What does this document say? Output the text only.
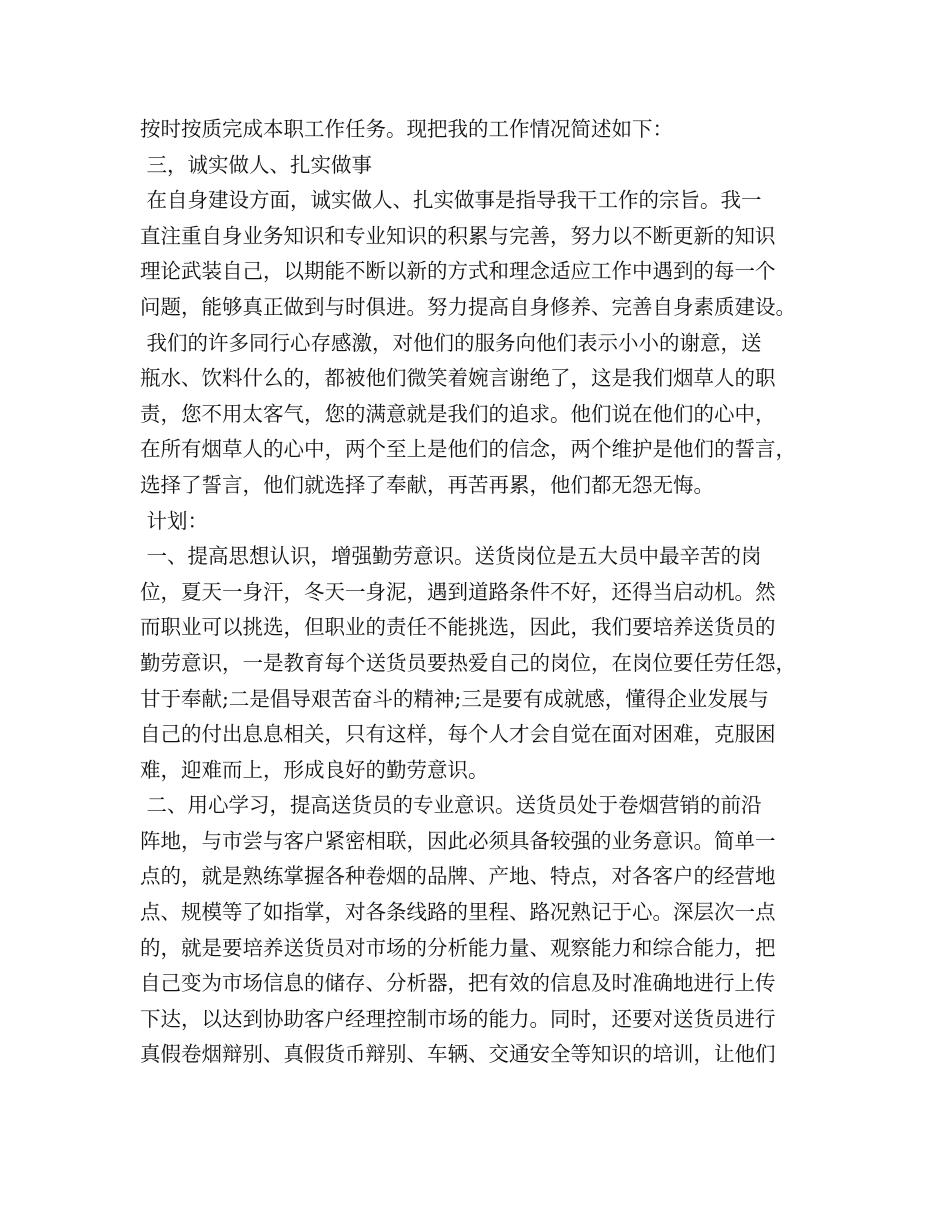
按时按质完成本职工作任务。现把我的工作情况简述如下：
三，诚实做人、扎实做事
在自身建设方面，诚实做人、扎实做事是指导我干工作的宗旨。我一
直注重自身业务知识和专业知识的积累与完善，努力以不断更新的知识
理论武装自己，以期能不断以新的方式和理念适应工作中遇到的每一个
问题，能够真正做到与时俱进。努力提高自身修养、完善自身素质建设。
我们的许多同行心存感激，对他们的服务向他们表示小小的谢意，送
瓶水、饮料什么的，都被他们微笑着婉言谢绝了，这是我们烟草人的职
责，您不用太客气，您的满意就是我们的追求。他们说在他们的心中，
在所有烟草人的心中，两个至上是他们的信念，两个维护是他们的誓言，
选择了誓言，他们就选择了奉献，再苦再累，他们都无怨无悔。
计划：
一、提高思想认识，增强勤劳意识。送货岗位是五大员中最辛苦的岗
位，夏天一身汗，冬天一身泥，遇到道路条件不好，还得当启动机。然
而职业可以挑选，但职业的责任不能挑选，因此，我们要培养送货员的
勤劳意识，一是教育每个送货员要热爱自己的岗位，在岗位要任劳任怨，
甘于奉献;二是倡导艰苦奋斗的精神;三是要有成就感，懂得企业发展与
自己的付出息息相关，只有这样，每个人才会自觉在面对困难，克服困
难，迎难而上，形成良好的勤劳意识。
二、用心学习，提高送货员的专业意识。送货员处于卷烟营销的前沿
阵地，与市尝与客户紧密相联，因此必须具备较强的业务意识。简单一
点的，就是熟练掌握各种卷烟的品牌、产地、特点，对各客户的经营地
点、规模等了如指掌，对各条线路的里程、路况熟记于心。深层次一点
的，就是要培养送货员对市场的分析能力量、观察能力和综合能力，把
自己变为市场信息的储存、分析器，把有效的信息及时准确地进行上传
下达，以达到协助客户经理控制市场的能力。同时，还要对送货员进行
真假卷烟辩别、真假货币辩别、车辆、交通安全等知识的培训，让他们
